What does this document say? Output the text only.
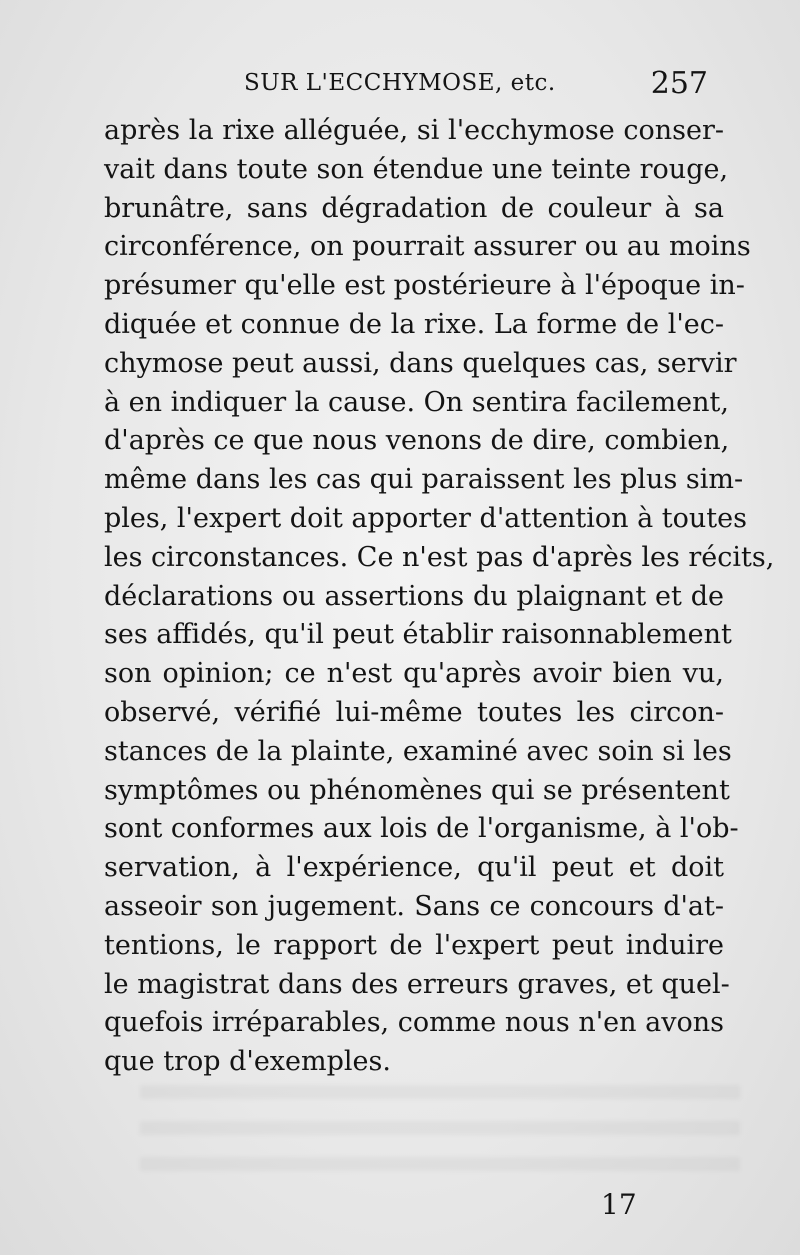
SUR L'ECCHYMOSE, etc.	257
après la rixe alléguée, si l'ecchymose conser-
vait dans toute son étendue une teinte rouge,
brunâtre, sans dégradation de couleur à sa
circonférence, on pourrait assurer ou au moins
présumer qu'elle est postérieure à l'époque in-
diquée et connue de la rixe. La forme de l'ec-
chymose peut aussi, dans quelques cas, servir
à en indiquer la cause. On sentira facilement,
d'après ce que nous venons de dire, combien,
même dans les cas qui paraissent les plus sim-
ples, l'expert doit apporter d'attention à toutes
les circonstances. Ce n'est pas d'après les récits,
déclarations ou assertions du plaignant et de
ses affidés, qu'il peut établir raisonnablement
son opinion; ce n'est qu'après avoir bien vu,
observé, vérifié lui-même toutes les circon-
stances de la plainte, examiné avec soin si les
symptômes ou phénomènes qui se présentent
sont conformes aux lois de l'organisme, à l'ob-
servation, à l'expérience, qu'il peut et doit
asseoir son jugement. Sans ce concours d'at-
tentions, le rapport de l'expert peut induire
le magistrat dans des erreurs graves, et quel-
quefois irréparables, comme nous n'en avons
que trop d'exemples.
17
